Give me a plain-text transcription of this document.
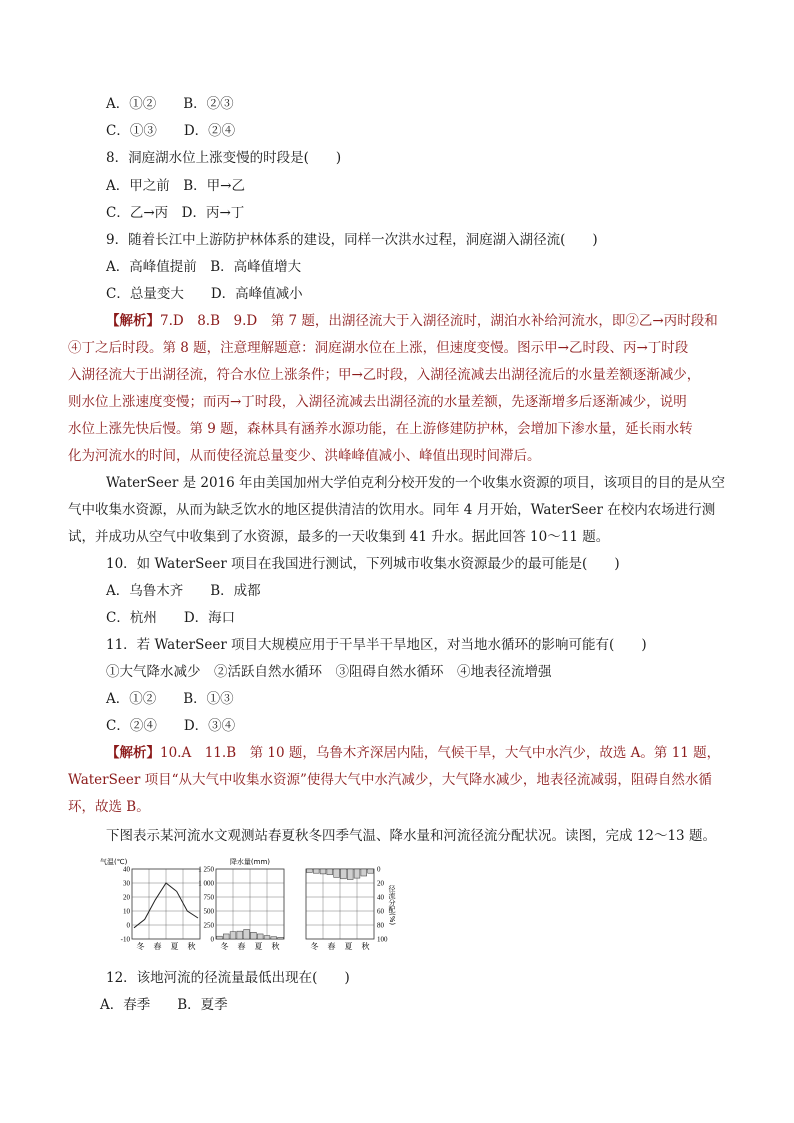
A．①②　　B．②③
C．①③　　D．②④
8．洞庭湖水位上涨变慢的时段是(　　)
A．甲之前　B．甲→乙
C．乙→丙　D．丙→丁
9．随着长江中上游防护林体系的建设，同样一次洪水过程，洞庭湖入湖径流(　　)
A．高峰值提前　B．高峰值增大
C．总量变大　　D．高峰值减小
【解析】7.D　8.B　9.D　第 7 题，出湖径流大于入湖径流时，湖泊水补给河流水，即②乙→丙时段和
④丁之后时段。第 8 题，注意理解题意：洞庭湖水位在上涨，但速度变慢。图示甲→乙时段、丙→丁时段
入湖径流大于出湖径流，符合水位上涨条件；甲→乙时段，入湖径流减去出湖径流后的水量差额逐渐减少，
则水位上涨速度变慢；而丙→丁时段，入湖径流减去出湖径流的水量差额，先逐渐增多后逐渐减少，说明
水位上涨先快后慢。第 9 题，森林具有涵养水源功能，在上游修建防护林，会增加下渗水量，延长雨水转
化为河流水的时间，从而使径流总量变少、洪峰峰值减小、峰值出现时间滞后。
WaterSeer 是 2016 年由美国加州大学伯克利分校开发的一个收集水资源的项目，该项目的目的是从空
气中收集水资源，从而为缺乏饮水的地区提供清洁的饮用水。同年 4 月开始，WaterSeer 在校内农场进行测
试，并成功从空气中收集到了水资源，最多的一天收集到 41 升水。据此回答 10～11 题。
10．如 WaterSeer 项目在我国进行测试，下列城市收集水资源最少的最可能是(　　)
A．乌鲁木齐　　B．成都
C．杭州　　D．海口
11．若 WaterSeer 项目大规模应用于干旱半干旱地区，对当地水循环的影响可能有(　　)
①大气降水减少　②活跃自然水循环　③阻碍自然水循环　④地表径流增强
A．①②　　B．①③
C．②④　　D．③④
【解析】10.A　11.B　第 10 题，乌鲁木齐深居内陆，气候干旱，大气中水汽少，故选 A。第 11 题，
WaterSeer 项目“从大气中收集水资源”使得大气中水汽减少，大气降水减少，地表径流减弱，阻碍自然水循
环，故选 B。
下图表示某河流水文观测站春夏秋冬四季气温、降水量和河流径流分配状况。读图，完成 12～13 题。
40
30
20
10
0
-10
冬 春 夏 秋
1 250
1 000
750
500
250
0
冬 春 夏 秋
0
20
40
60
80
100
冬 春 夏 秋
气温(℃)	降水量(mm)
径流分配(%)
12．该地河流的径流量最低出现在(　　)
A．春季　　B．夏季
